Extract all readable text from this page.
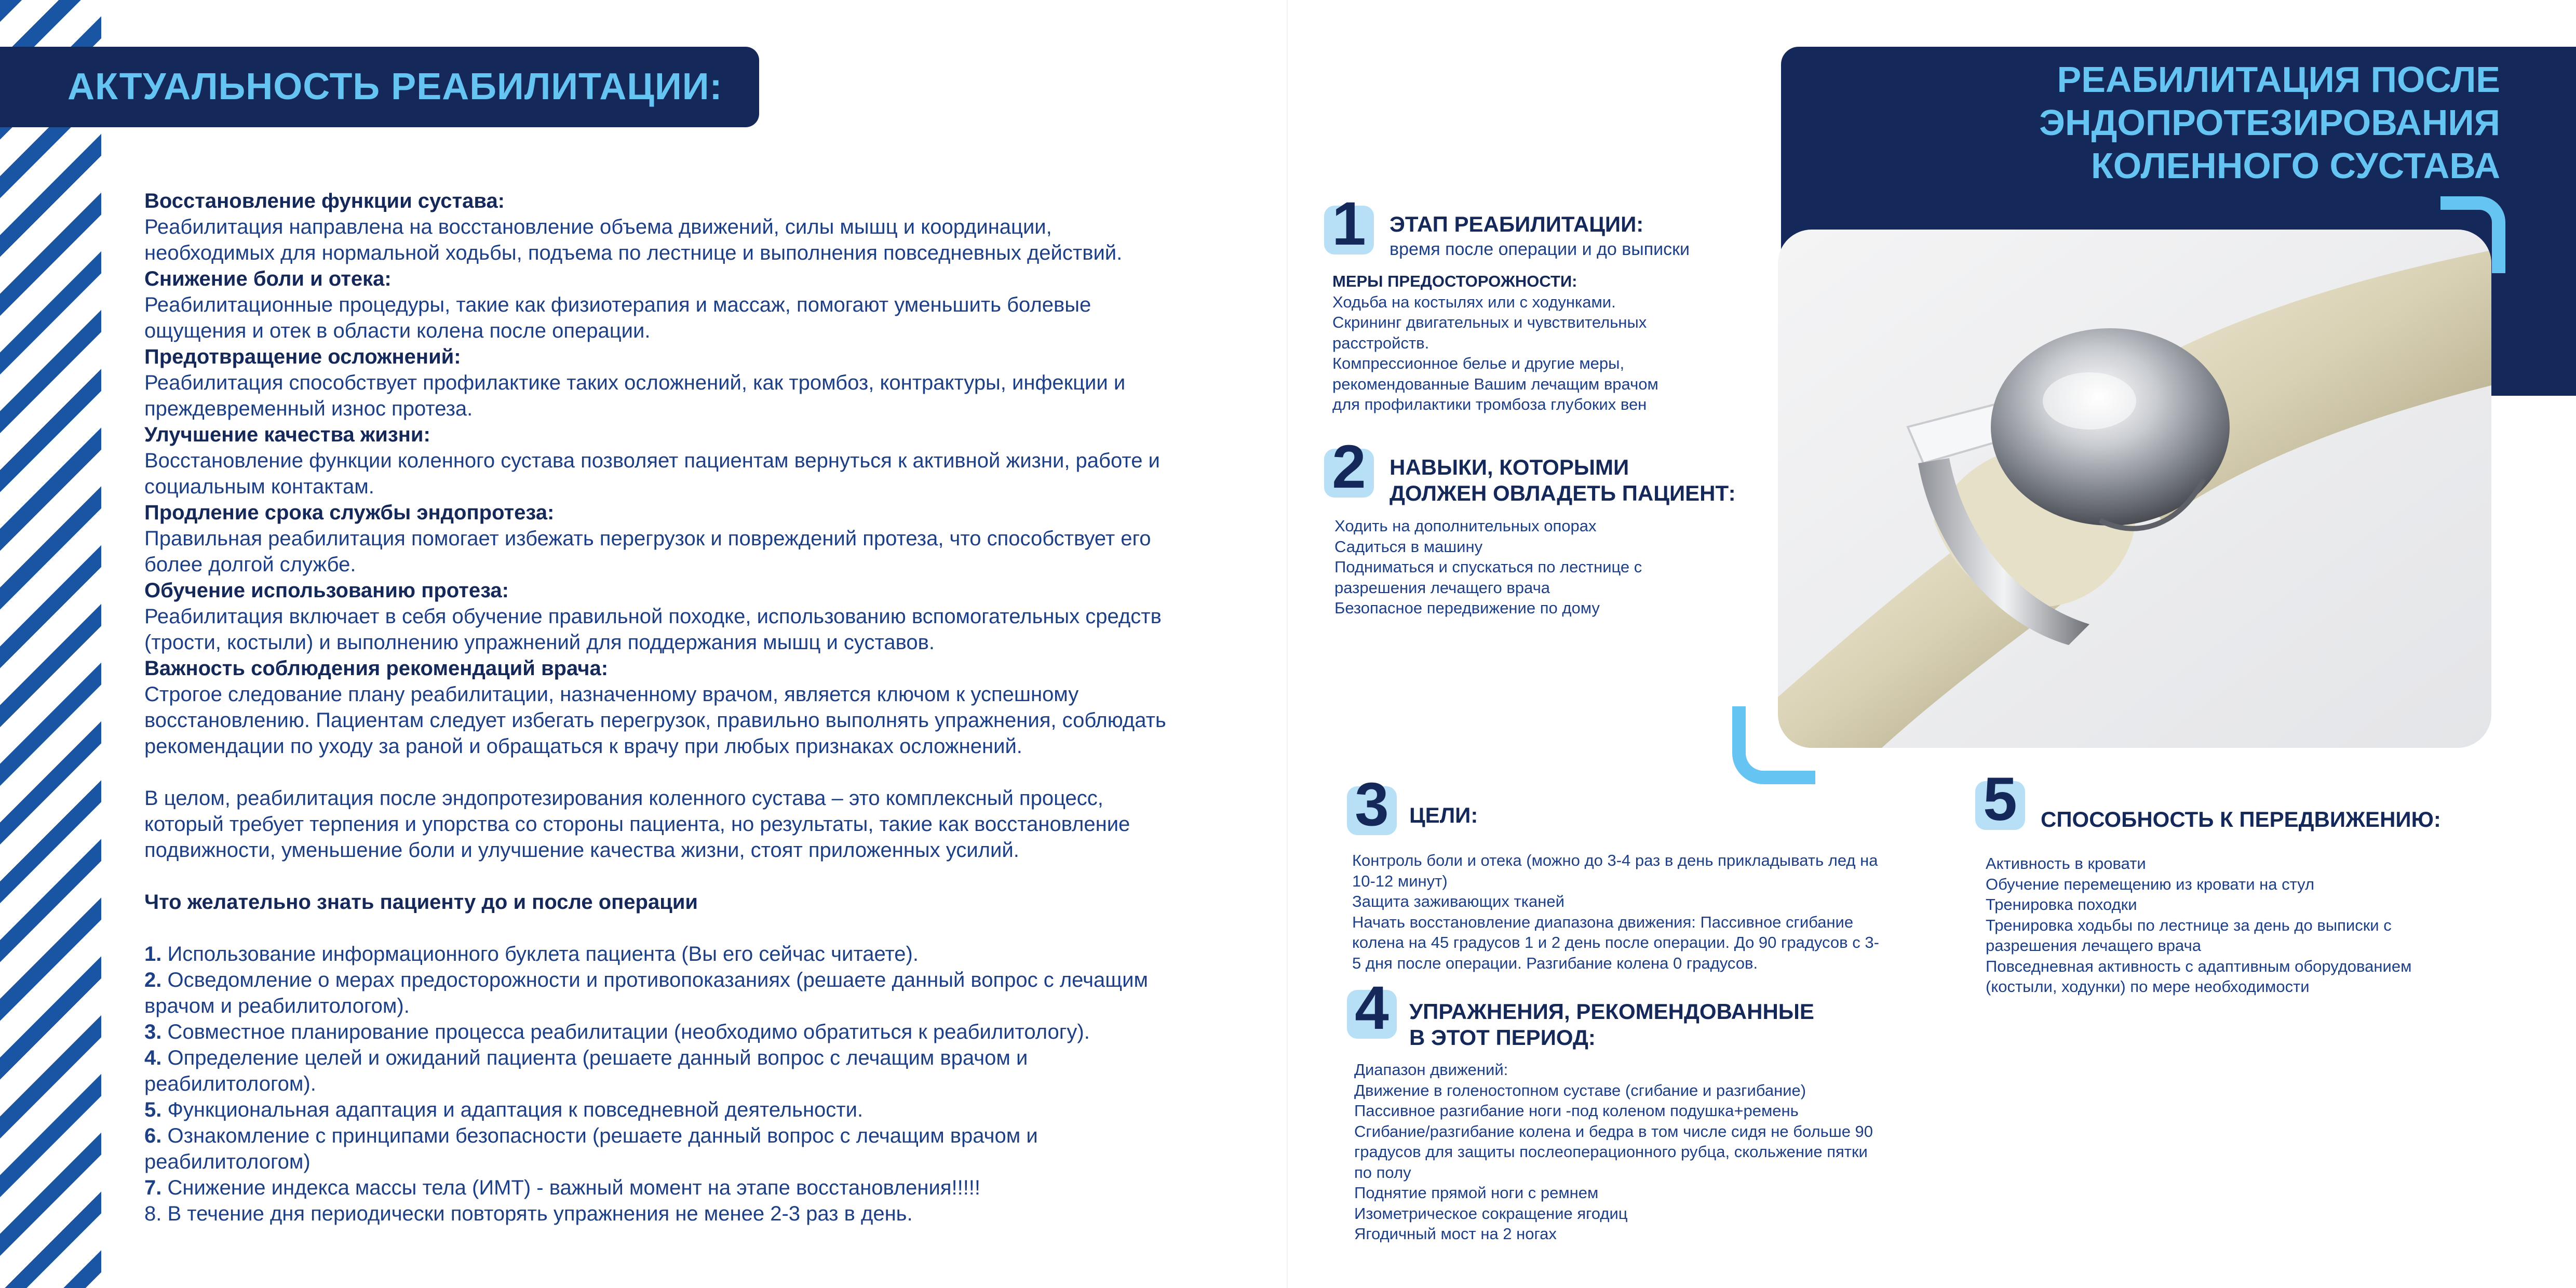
АКТУАЛЬНОСТЬ РЕАБИЛИТАЦИИ:

Восстановление функции сустава:

Реабилитация направлена на восстановление объема движений, силы мышц и координации,

необходимых для нормальной ходьбы, подъема по лестнице и выполнения повседневных действий.

Снижение боли и отека:

Реабилитационные процедуры, такие как физиотерапия и массаж, помогают уменьшить болевые

ощущения и отек в области колена после операции.

Предотвращение осложнений:

Реабилитация способствует профилактике таких осложнений, как тромбоз, контрактуры, инфекции и

преждевременный износ протеза.

Улучшение качества жизни:

Восстановление функции коленного сустава позволяет пациентам вернуться к активной жизни, работе и

социальным контактам.

Продление срока службы эндопротеза:

Правильная реабилитация помогает избежать перегрузок и повреждений протеза, что способствует его

более долгой службе.

Обучение использованию протеза:

Реабилитация включает в себя обучение правильной походке, использованию вспомогательных средств

(трости, костыли) и выполнению упражнений для поддержания мышц и суставов.

Важность соблюдения рекомендаций врача:

Строгое следование плану реабилитации, назначенному врачом, является ключом к успешному

восстановлению. Пациентам следует избегать перегрузок, правильно выполнять упражнения, соблюдать

рекомендации по уходу за раной и обращаться к врачу при любых признаках осложнений.

В целом, реабилитация после эндопротезирования коленного сустава – это комплексный процесс,

который требует терпения и упорства со стороны пациента, но результаты, такие как восстановление

подвижности, уменьшение боли и улучшение качества жизни, стоят приложенных усилий.

Что желательно знать пациенту до и после операции

1. Использование информационного буклета пациента (Вы его сейчас читаете).

2. Осведомление о мерах предосторожности и противопоказаниях (решаете данный вопрос с лечащим

врачом и реабилитологом).

3. Совместное планирование процесса реабилитации (необходимо обратиться к реабилитологу).

4. Определение целей и ожиданий пациента (решаете данный вопрос с лечащим врачом и

реабилитологом).

5. Функциональная адаптация и адаптация к повседневной деятельности.

6. Ознакомление с принципами безопасности (решаете данный вопрос с лечащим врачом и

реабилитологом)

7. Снижение индекса массы тела (ИМТ) - важный момент на этапе восстановления!!!!!

8. В течение дня периодически повторять упражнения не менее 2-3 раз в день.

РЕАБИЛИТАЦИЯ ПОСЛЕ
ЭНДОПРОТЕЗИРОВАНИЯ
КОЛЕННОГО СУСТАВА
1	ЭТАП РЕАБИЛИТАЦИИ:

время после операции и до выписки

МЕРЫ ПРЕДОСТОРОЖНОСТИ:
Ходьба на костылях или с ходунками.
Скрининг двигательных и чувствительных
расстройств.
Компрессионное белье и другие меры,
рекомендованные Вашим лечащим врачом
для профилактики тромбоза глубоких вен
2	НАВЫКИ, КОТОРЫМИ

ДОЛЖЕН ОВЛАДЕТЬ ПАЦИЕНТ:

Ходить на дополнительных опорах
Садиться в машину
Подниматься и спускаться по лестнице с
разрешения лечащего врача
Безопасное передвижение по дому
3 ЦЕЛИ:

Контроль боли и отека (можно до 3-4 раз в день прикладывать лед на
10-12 минут)
Защита заживающих тканей
Начать восстановление диапазона движения: Пассивное сгибание
колена на 45 градусов 1 и 2 день после операции. До 90 градусов с 3-
5 дня после операции. Разгибание колена 0 градусов.
4 УПРАЖНЕНИЯ, РЕКОМЕНДОВАННЫЕ

В ЭТОТ ПЕРИОД:

Диапазон движений:
Движение в голеностопном суставе (сгибание и разгибание)
Пассивное разгибание ноги -под коленом подушка+ремень
Сгибание/разгибание колена и бедра в том числе сидя не больше 90
градусов для защиты послеоперационного рубца, скольжение пятки
по полу
Поднятие прямой ноги с ремнем
Изометрическое сокращение ягодиц
Ягодичный мост на 2 ногах
5	СПОСОБНОСТЬ К ПЕРЕДВИЖЕНИЮ:

Активность в кровати
Обучение перемещению из кровати на стул
Тренировка походки
Тренировка ходьбы по лестнице за день до выписки с
разрешения лечащего врача
Повседневная активность с адаптивным оборудованием
(костыли, ходунки) по мере необходимости
